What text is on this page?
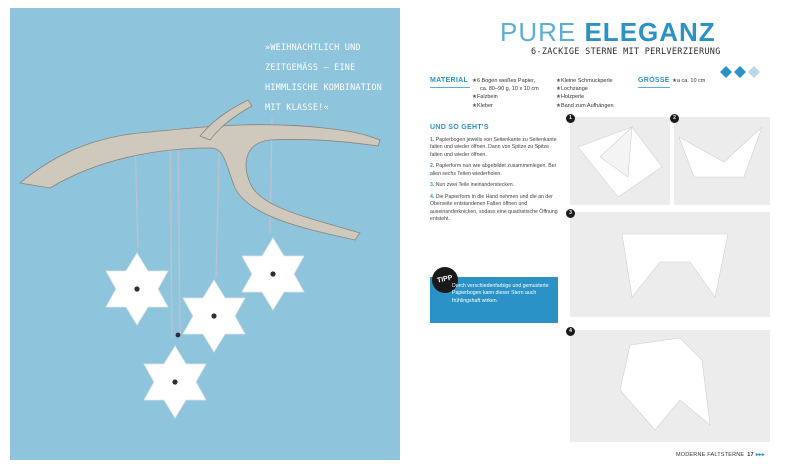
»WEIHNACHTLICH UND ZEITGEMÄSS – EINE HIMMLISCHE KOMBINATION MIT KLASSE!«
PURE ELEGANZ
6-ZACKIGE STERNE MIT PERLVERZIERUNG
MATERIAL	★ 6 Bogen weißes Papier,
ca. 80–90 g, 10 x 10 cm
★ Falzbein
★ Kleber
★ Kleine Schmuckperle
★ Lochzange
★ Holzperle
★ Band zum Aufhängen
GRÖSSE	★ a ca. 10 cm
UND SO GEHT'S

1. Papierbogen jeweils von Seitenkante zu Seitenkante falten und wieder öffnen. Dann von Spitze zu Spitze falten und wieder öffnen.

2. Papierform nun wie abgebildet zusammenlegen. Bei allen sechs Teilen wiederholen.

3. Nun zwei Teile ineinanderstecken.

4. Die Papierform in die Hand nehmen und die an der Oberseite entstandenen Falten öffnen und auseinanderknicken, sodass eine quadratische Öffnung entsteht.

TIPP
Durch verschiedenfarbige und gemusterte Papierbogen kann dieser Stern auch frühlingshaft wirken.
1	2
3
4
MODERNE FALTSTERNE 17 ▸▸▸
